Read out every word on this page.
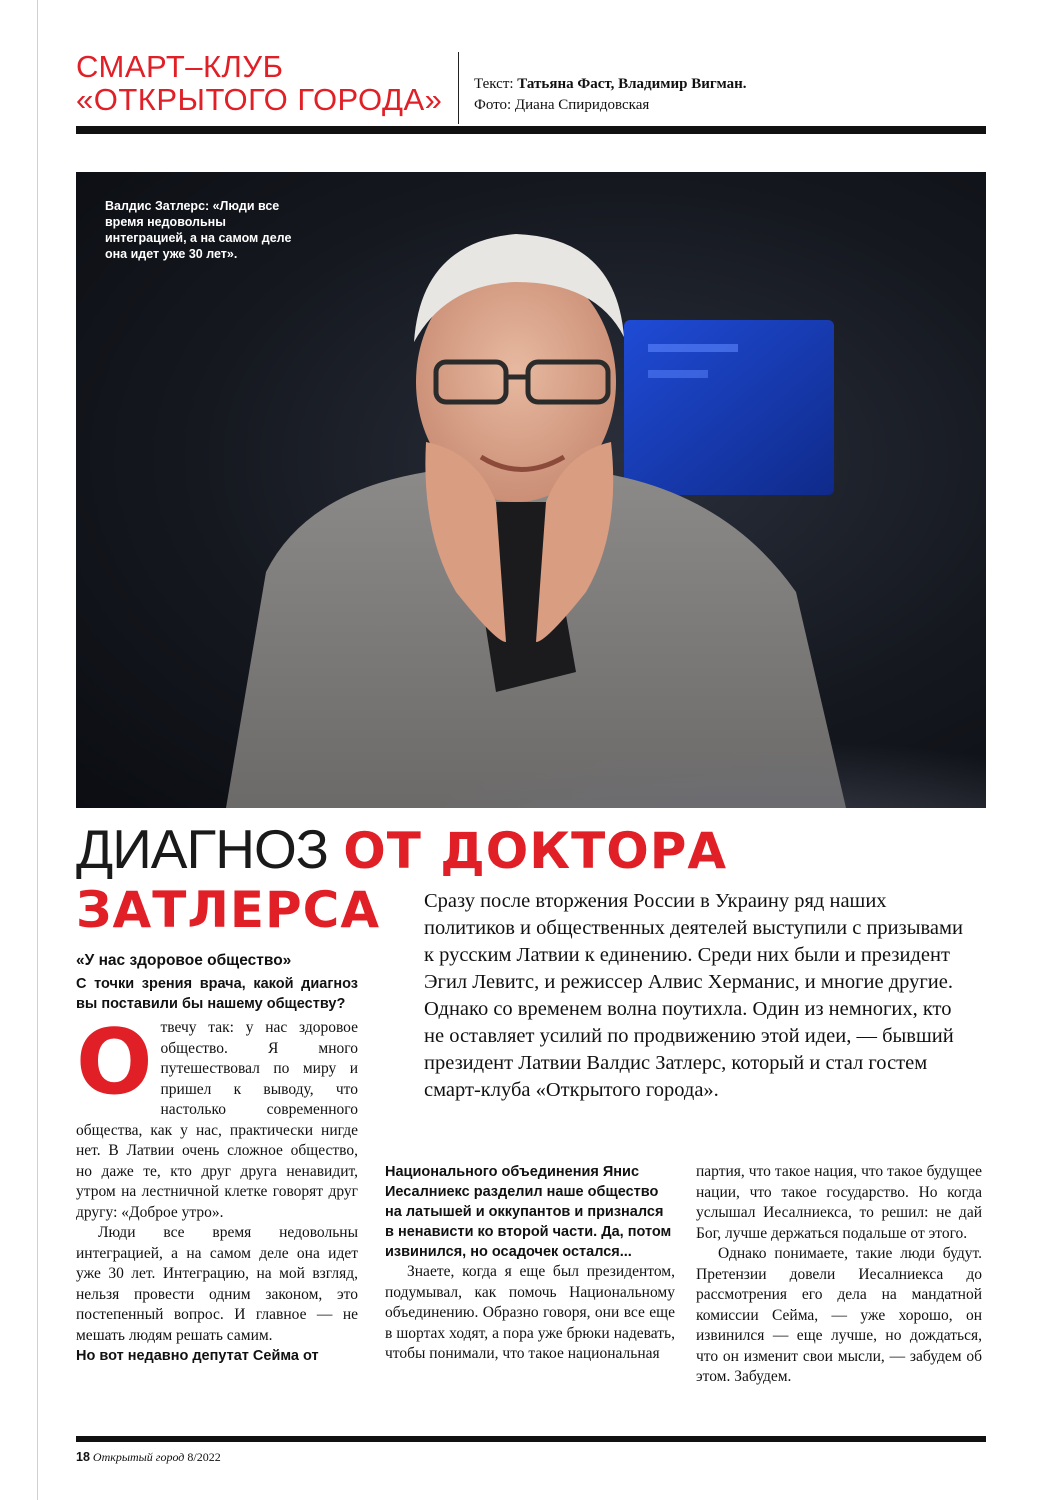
СМАРТ–КЛУБ
«ОТКРЫТОГО ГОРОДА»	Текст: Татьяна Фаст, Владимир Вигман.
Фото: Диана Спиридовская
Валдис Затлерс: «Люди все время недовольны интеграцией, а на самом деле она идет уже 30 лет».
ДИАГНОЗ ОТ ДОКТОРА
ЗАТЛЕРСА	Сразу после вторжения России в Украину ряд наших политиков и общественных деятелей выступили с призывами к русским Латвии к единению. Среди них были и президент Эгил Левитс, и режиссер Алвис Херманис, и многие другие. Однако со временем волна поутихла. Один из немногих, кто не оставляет усилий по продвижению этой идеи, — бывший президент Латвии Валдис Затлерс, который и стал гостем смарт-клуба «Открытого города».
«У нас здоровое общество»
С точки зрения врача, какой диагноз вы поставили бы нашему обществу?

Отвечу так: у нас здоровое общество. Я много путешествовал по миру и пришел к выводу, что настолько современного общества, как у нас, практически нигде нет. В Латвии очень сложное общество, но даже те, кто друг друга ненавидит, утром на лестничной клетке говорят друг другу: «Доброе утро».

Люди все время недовольны интеграцией, а на самом деле она идет уже 30 лет. Интеграцию, на мой взгляд, нельзя провести одним законом, это постепенный вопрос. И главное — не мешать людям решать самим.

Но вот недавно депутат Сейма от

Национального объединения Янис Иесалниекс разделил наше общество на латышей и оккупантов и признался в ненависти ко второй части. Да, потом извинился, но осадочек остался...

Знаете, когда я еще был президентом, подумывал, как помочь Национальному объединению. Образно говоря, они все еще в шортах ходят, а пора уже брюки надевать, чтобы понимали, что такое национальная

партия, что такое нация, что такое будущее нации, что такое государство. Но когда услышал Иесалниекса, то решил: не дай Бог, лучше держаться подальше от этого.

Однако понимаете, такие люди будут. Претензии довели Иесалниекса до рассмотрения его дела на мандатной комиссии Сейма, — уже хорошо, он извинился — еще лучше, но дождаться, что он изменит свои мысли, — забудем об этом. Забудем.

18 Открытый город 8/2022
